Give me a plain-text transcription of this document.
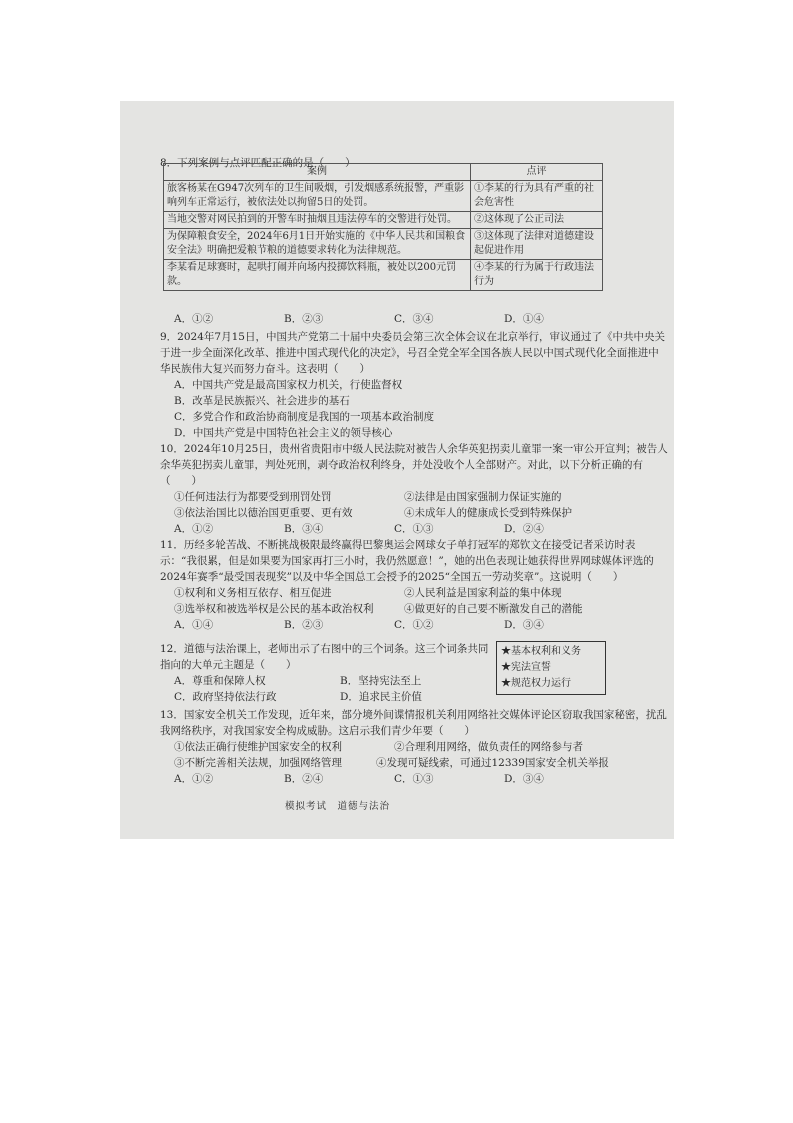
8．下列案例与点评匹配正确的是（　　）

案例	点评
旅客杨某在G947次列车的卫生间吸烟，引发烟感系统报警，严重影响列车正常运行，被依法处以拘留5日的处罚。	①李某的行为具有严重的社会危害性
当地交警对网民拍到的开警车时抽烟且违法停车的交警进行处罚。	②这体现了公正司法
为保障粮食安全，2024年6月1日开始实施的《中华人民共和国粮食安全法》明确把爱粮节粮的道德要求转化为法律规范。	③这体现了法律对道德建设起促进作用
李某看足球赛时，起哄打闹并向场内投掷饮料瓶，被处以200元罚款。	④李某的行为属于行政违法行为
A．①②	B．②③	C．③④	D．①④

9．2024年7月15日，中国共产党第二十届中央委员会第三次全体会议在北京举行，审议通过了《中共中央关于进一步全面深化改革、推进中国式现代化的决定》，号召全党全军全国各族人民以中国式现代化全面推进中华民族伟大复兴而努力奋斗。这表明（　　）

A．中国共产党是最高国家权力机关，行使监督权

B．改革是民族振兴、社会进步的基石

C．多党合作和政治协商制度是我国的一项基本政治制度

D．中国共产党是中国特色社会主义的领导核心

10．2024年10月25日，贵州省贵阳市中级人民法院对被告人余华英犯拐卖儿童罪一案一审公开宣判；被告人余华英犯拐卖儿童罪，判处死刑，剥夺政治权利终身，并处没收个人全部财产。对此，以下分析正确的有（　　）

①任何违法行为都要受到刑罚处罚	②法律是由国家强制力保证实施的
③依法治国比以德治国更重要、更有效	④未成年人的健康成长受到特殊保护
A．①②	B．③④	C．①③	D．②④

11．历经多轮苦战、不断挑战极限最终赢得巴黎奥运会网球女子单打冠军的郑钦文在接受记者采访时表示：“我很累，但是如果要为国家再打三小时，我仍然愿意！”，她的出色表现让她获得世界网球媒体评选的2024年赛季“最受国表现奖”以及中华全国总工会授予的2025“全国五一劳动奖章”。这说明（　　）

①权利和义务相互依存、相互促进	②人民利益是国家利益的集中体现
③选举权和被选举权是公民的基本政治权利	④做更好的自己要不断激发自己的潜能
A．①④	B．②③	C．①②	D．③④

12．道德与法治课上，老师出示了右图中的三个词条。这三个词条共同指向的大单元主题是（　　）

A．尊重和保障人权	B．坚持宪法至上
C．政府坚持依法行政	D．追求民主价值
★基本权利和义务
★宪法宣誓
★规范权力运行

13．国家安全机关工作发现，近年来，部分境外间谍情报机关利用网络社交媒体评论区窃取我国家秘密，扰乱我网络秩序，对我国家安全构成威胁。这启示我们青少年要（　　）

①依法正确行使维护国家安全的权利	②合理利用网络，做负责任的网络参与者
③不断完善相关法规，加强网络管理	④发现可疑线索，可通过12339国家安全机关举报
A．①②	B．②④	C．①③	D．③④
模拟考试　道德与法治
